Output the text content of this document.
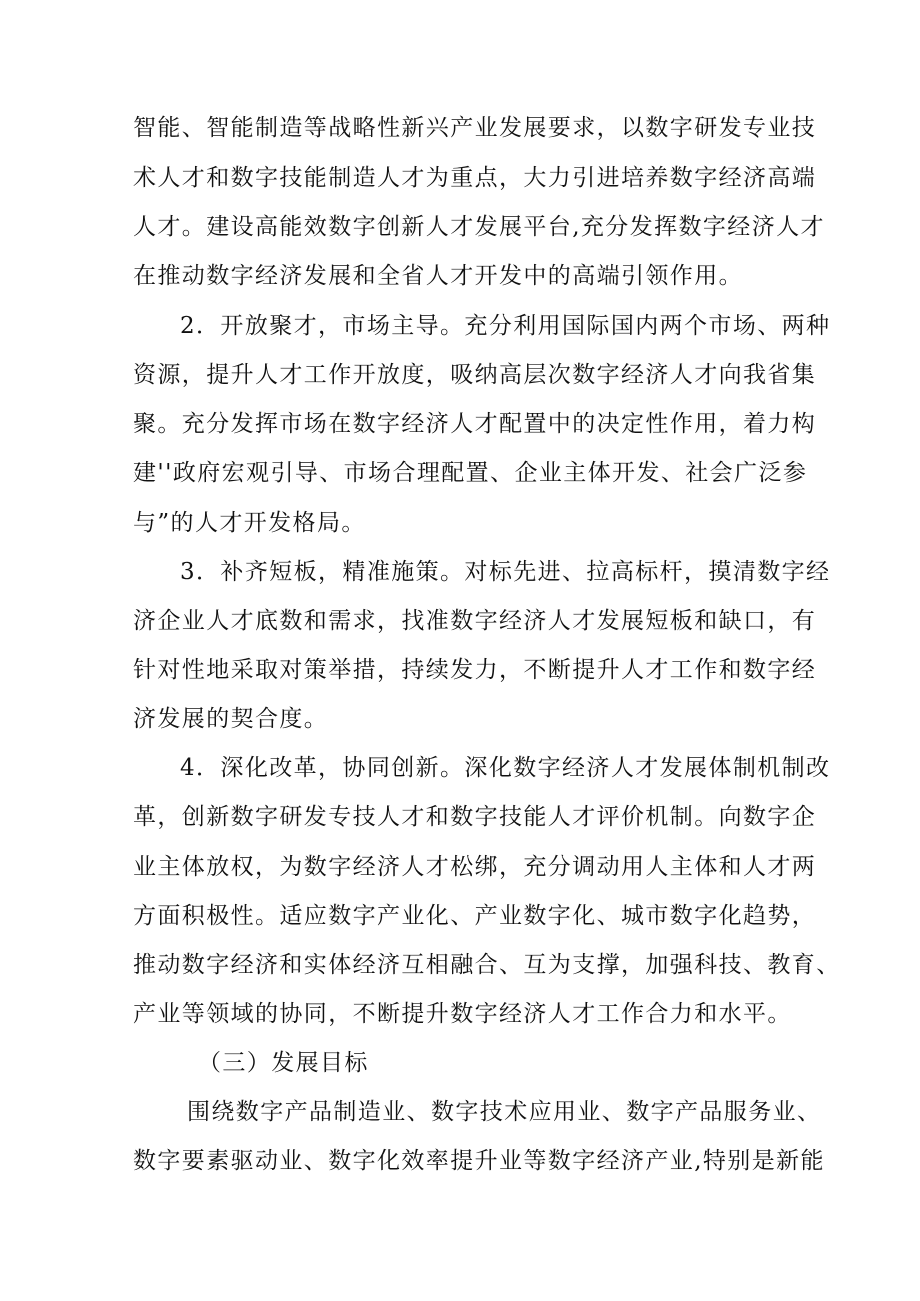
智能、智能制造等战略性新兴产业发展要求，以数字研发专业技
术人才和数字技能制造人才为重点，大力引进培养数字经济高端
人才。建设高能效数字创新人才发展平台,充分发挥数字经济人才
在推动数字经济发展和全省人才开发中的高端引领作用。
2．开放聚才，市场主导。充分利用国际国内两个市场、两种
资源，提升人才工作开放度，吸纳高层次数字经济人才向我省集
聚。充分发挥市场在数字经济人才配置中的决定性作用，着力构
建''政府宏观引导、市场合理配置、企业主体开发、社会广泛参
与”的人才开发格局。
3．补齐短板，精准施策。对标先进、拉高标杆，摸清数字经
济企业人才底数和需求，找准数字经济人才发展短板和缺口，有
针对性地采取对策举措，持续发力，不断提升人才工作和数字经
济发展的契合度。
4．深化改革，协同创新。深化数字经济人才发展体制机制改
革，创新数字研发专技人才和数字技能人才评价机制。向数字企
业主体放权，为数字经济人才松绑，充分调动用人主体和人才两
方面积极性。适应数字产业化、产业数字化、城市数字化趋势，
推动数字经济和实体经济互相融合、互为支撑，加强科技、教育、
产业等领域的协同，不断提升数字经济人才工作合力和水平。
（三）发展目标
围绕数字产品制造业、数字技术应用业、数字产品服务业、
数字要素驱动业、数字化效率提升业等数字经济产业,特别是新能
